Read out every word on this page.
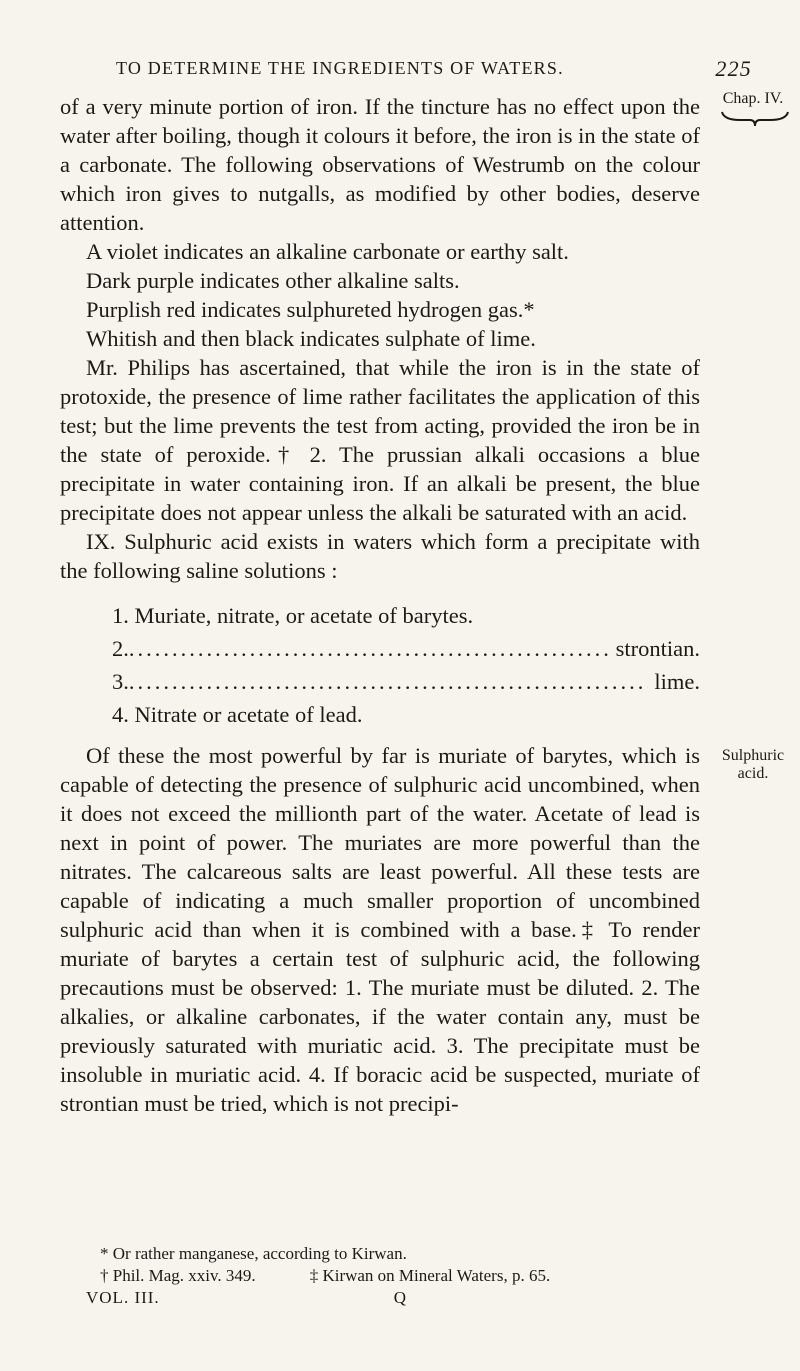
TO DETERMINE THE INGREDIENTS OF WATERS.	225
Chap. IV.
Sulphuric acid.

of a very minute portion of iron. If the tincture has no effect upon the water after boiling, though it colours it before, the iron is in the state of a carbonate. The following observations of Westrumb on the colour which iron gives to nutgalls, as modified by other bodies, deserve attention.

A violet indicates an alkaline carbonate or earthy salt.

Dark purple indicates other alkaline salts.

Purplish red indicates sulphureted hydrogen gas.*

Whitish and then black indicates sulphate of lime.

Mr. Philips has ascertained, that while the iron is in the state of protoxide, the presence of lime rather facilitates the application of this test; but the lime prevents the test from acting, provided the iron be in the state of peroxide.† 2. The prussian alkali occasions a blue precipitate in water containing iron. If an alkali be present, the blue precipitate does not appear unless the alkali be saturated with an acid.

IX. Sulphuric acid exists in waters which form a precipitate with the following saline solutions :

1. Muriate, nitrate, or acetate of barytes.
2. .....	strontian.
3. .....	lime.
4. Nitrate or acetate of lead.

Of these the most powerful by far is muriate of barytes, which is capable of detecting the presence of sulphuric acid uncombined, when it does not exceed the millionth part of the water. Acetate of lead is next in point of power. The muriates are more powerful than the nitrates. The calcareous salts are least powerful. All these tests are capable of indicating a much smaller proportion of uncombined sulphuric acid than when it is combined with a base.‡ To render muriate of barytes a certain test of sulphuric acid, the following precautions must be observed: 1. The muriate must be diluted. 2. The alkalies, or alkaline carbonates, if the water contain any, must be previously saturated with muriatic acid. 3. The precipitate must be insoluble in muriatic acid. 4. If boracic acid be suspected, muriate of strontian must be tried, which is not precipi-

* Or rather manganese, according to Kirwan.
† Phil. Mag. xxiv. 349.	‡ Kirwan on Mineral Waters, p. 65.
VOL. III.	Q
